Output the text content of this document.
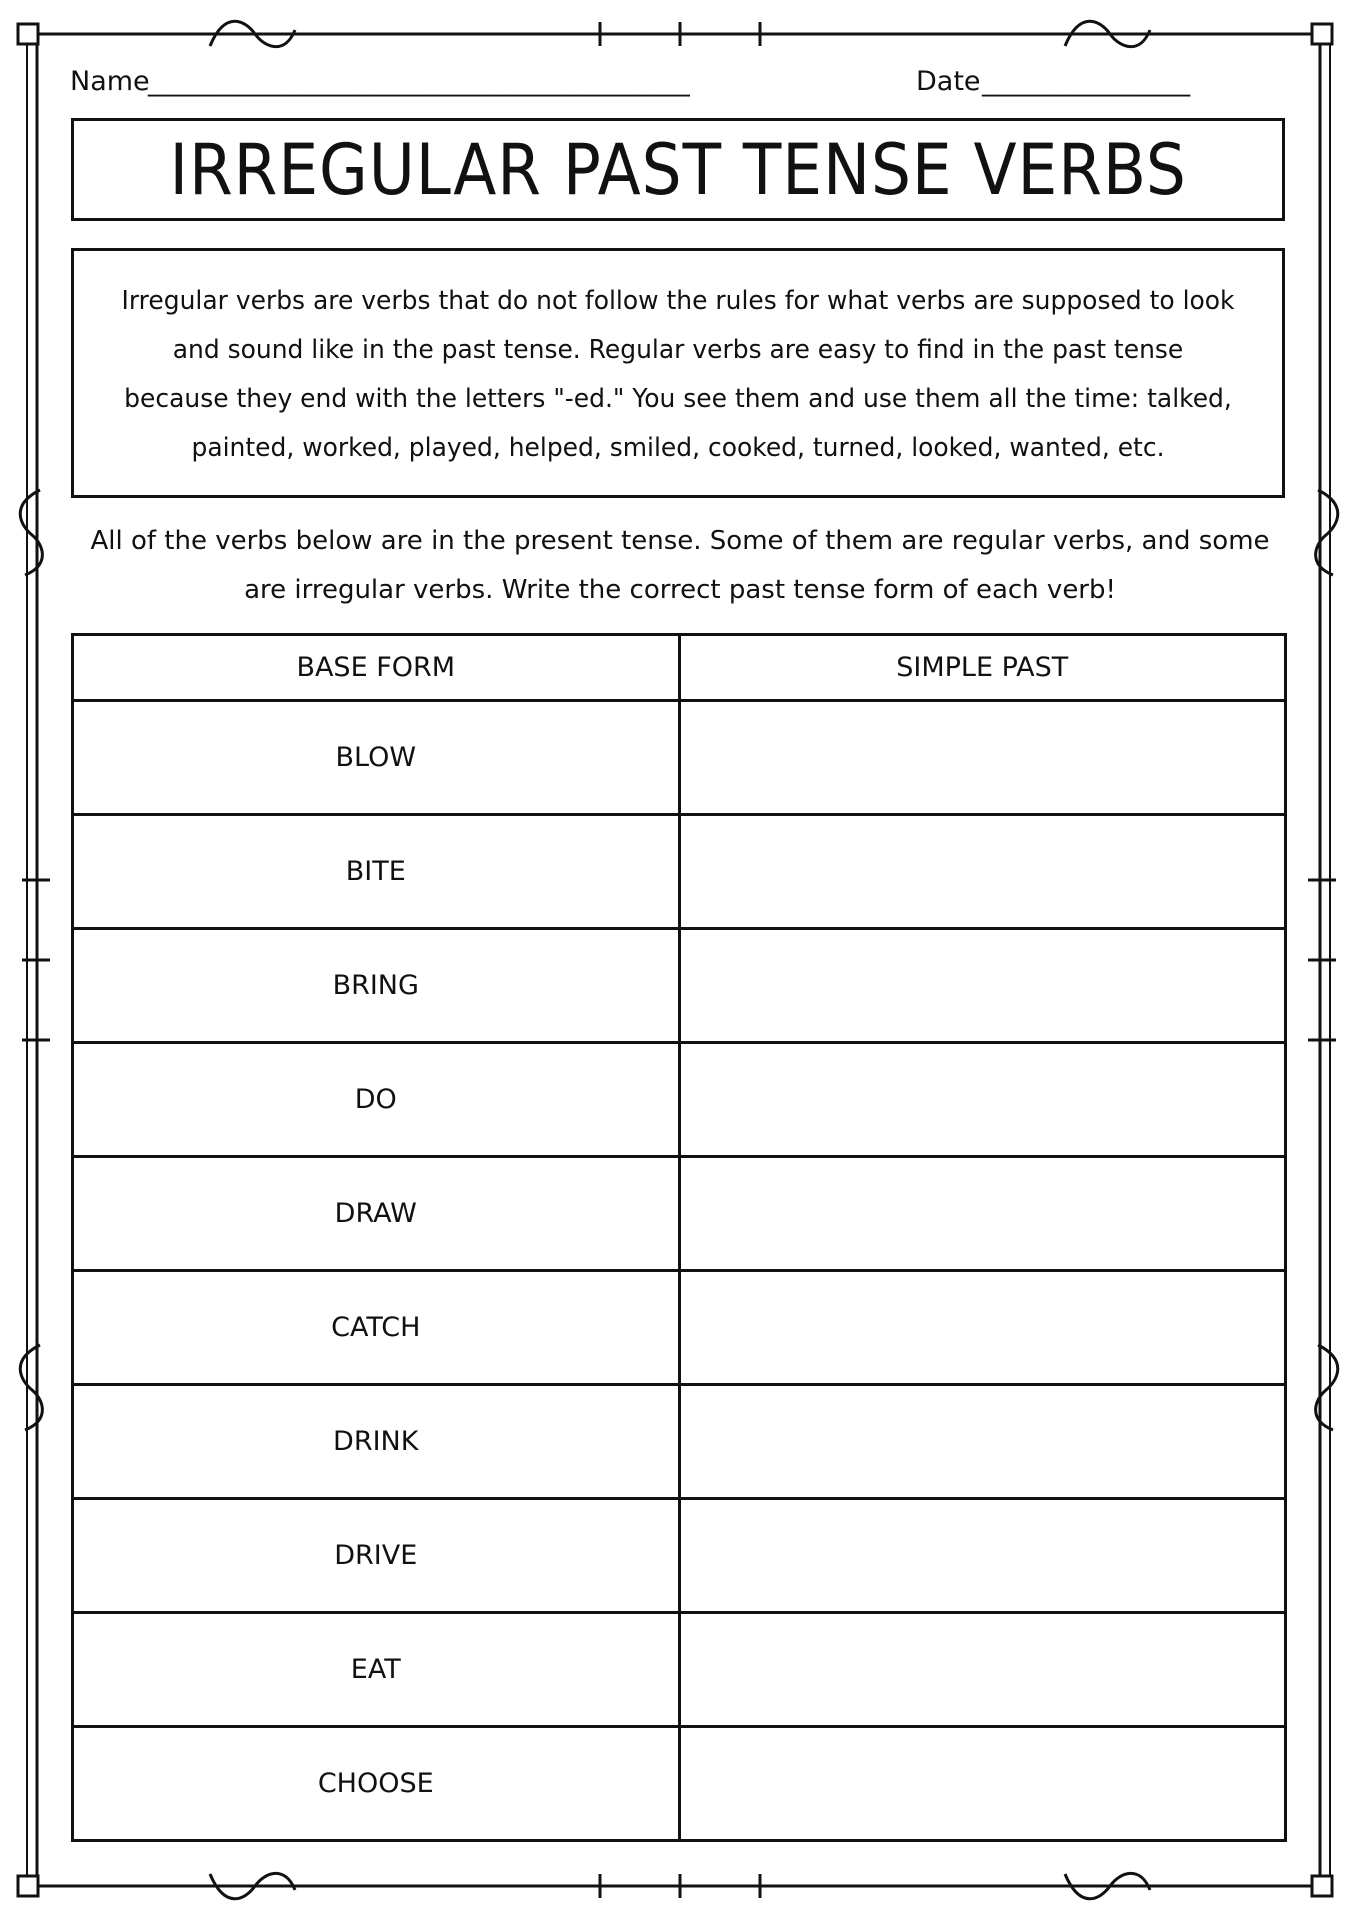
Name
_______________________________________	Date _______________
IRREGULAR PAST TENSE VERBS

Irregular verbs are verbs that do not follow the rules for what verbs are supposed to look and sound like in the past tense. Regular verbs are easy to find in the past tense because they end with the letters "-ed." You see them and use them all the time: talked, painted, worked, played, helped, smiled, cooked, turned, looked, wanted, etc.

All of the verbs below are in the present tense. Some of them are regular verbs, and some are irregular verbs. Write the correct past tense form of each verb!

BASE FORM	SIMPLE PAST
BLOW	
BITE	
BRING	
DO	
DRAW	
CATCH	
DRINK	
DRIVE	
EAT	
CHOOSE	
